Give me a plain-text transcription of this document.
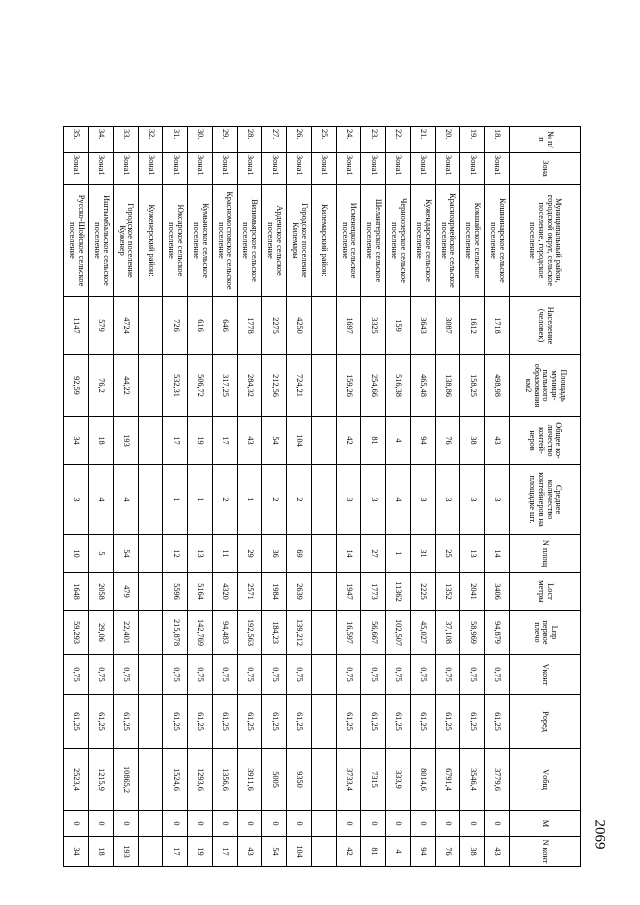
2069
№ п/п	Зона	Муниципальный район, городской округ, сельское поселение, городское поселение	Население (человек)	Площадь муниципального образования км2	Общее количество контейнеров	Среднее количество контейнеров на площадке шт.	N площ	Lост метры	Lпр первое плечо	Vконт	Pоред	Vобщ	M	N конт
18.	Зона1	Кошнинарское сельское поселение	1718	498,98	43	3	14	3406	94,879	0,75	61,25	3779,6	0	43
19.	Зона1	Кокшайское сельское поселение	1612	158,25	38	3	13	2041	58,969	0,75	61,25	3546,4	0	38
20.	Зона1	Красноармейское сельское поселение	3087	138,86	76	3	25	1352	37,108	0,75	61,25	6791,4	0	76
21.	Зона1	Кужендарское сельское поселение	3643	465,48	94	3	31	2225	45,027	0,75	61,25	8014,6	0	94
22.	Зона1	Черноозерское сельское поселение	159	516,38	4	4	1	11362	102,507	0,75	61,25	333,9	0	4
23.	Зона1	Шелангерское сельское поселение	3325	254,66	81	3	27	1773	56,667	0,75	61,25	7315	0	81
24.	Зона1	Исменецкое сельское поселение	1697	159,26	42	3	14	1947	16,597	0,75	61,25	3733,4	0	42
25.	Зона1	Килемарский район:												
26.	Зона1	Городское поселение Килемары	4250	724,21	104	2	69	2639	139,212	0,75	61,25	9350	0	104
27.	Зона1	Арденское сельское поселение	2275	212,56	54	2	36	1984	184,23	0,75	61,25	5005	0	54
28.	Зона1	Визимьярское сельское поселение	1778	284,32	43	1	29	2571	192,563	0,75	61,25	3911,6	0	43
29.	Зона1	Красномостовское сельское поселение	646	317,25	17	2	11	4320	94,483	0,75	61,25	1356,6	0	17
30.	Зона1	Кумьинское сельское поселение	616	506,72	19	1	13	5164	142,769	0,75	61,25	1293,6	0	19
31.	Зона1	Юксарское сельское поселение	726	532,31	17	1	12	5596	215,878	0,75	61,25	1524,6	0	17
32.	Зона1	Куженерский район:												
33.	Зона1	Городское поселение Куженер	4724	44,22	193	4	54	479	22,401	0,75	61,25	10865,2	0	193
34.	Зона1	Иштымбальское сельское поселение	579	76,2	18	4	5	2058	29,06	0,75	61,25	1215,9	0	18
35.	Зона1	Русско-Шойское сельское поселение	1147	92,59	34	3	10	1648	59,293	0,75	61,25	2523,4	0	34
